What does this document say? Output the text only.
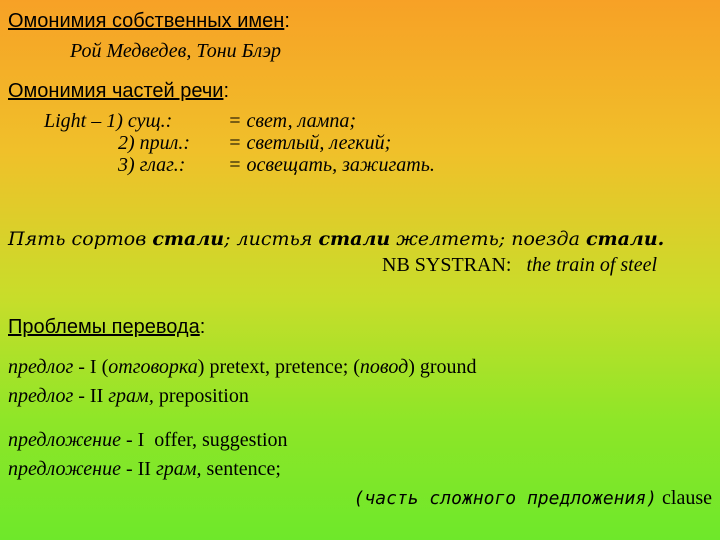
Омонимия собственных имен:
Рой Медведев, Тони Блэр
Омонимия частей речи:
Light – 1) сущ.:	= свет, лампа;
2) прил.: = светлый, легкий;
3) глаг.: = освещать, зажигать.
Пять сортов стали; листья стали желтеть; поезда стали.
NB SYSTRAN: the train of steel
Проблемы перевода:
предлог - I (отговорка) pretext, pretence; (повод) ground
предлог - II грам, preposition
предложение - I  offer, suggestion
предложение - II грам, sentence;
(часть сложного предложения) clause
